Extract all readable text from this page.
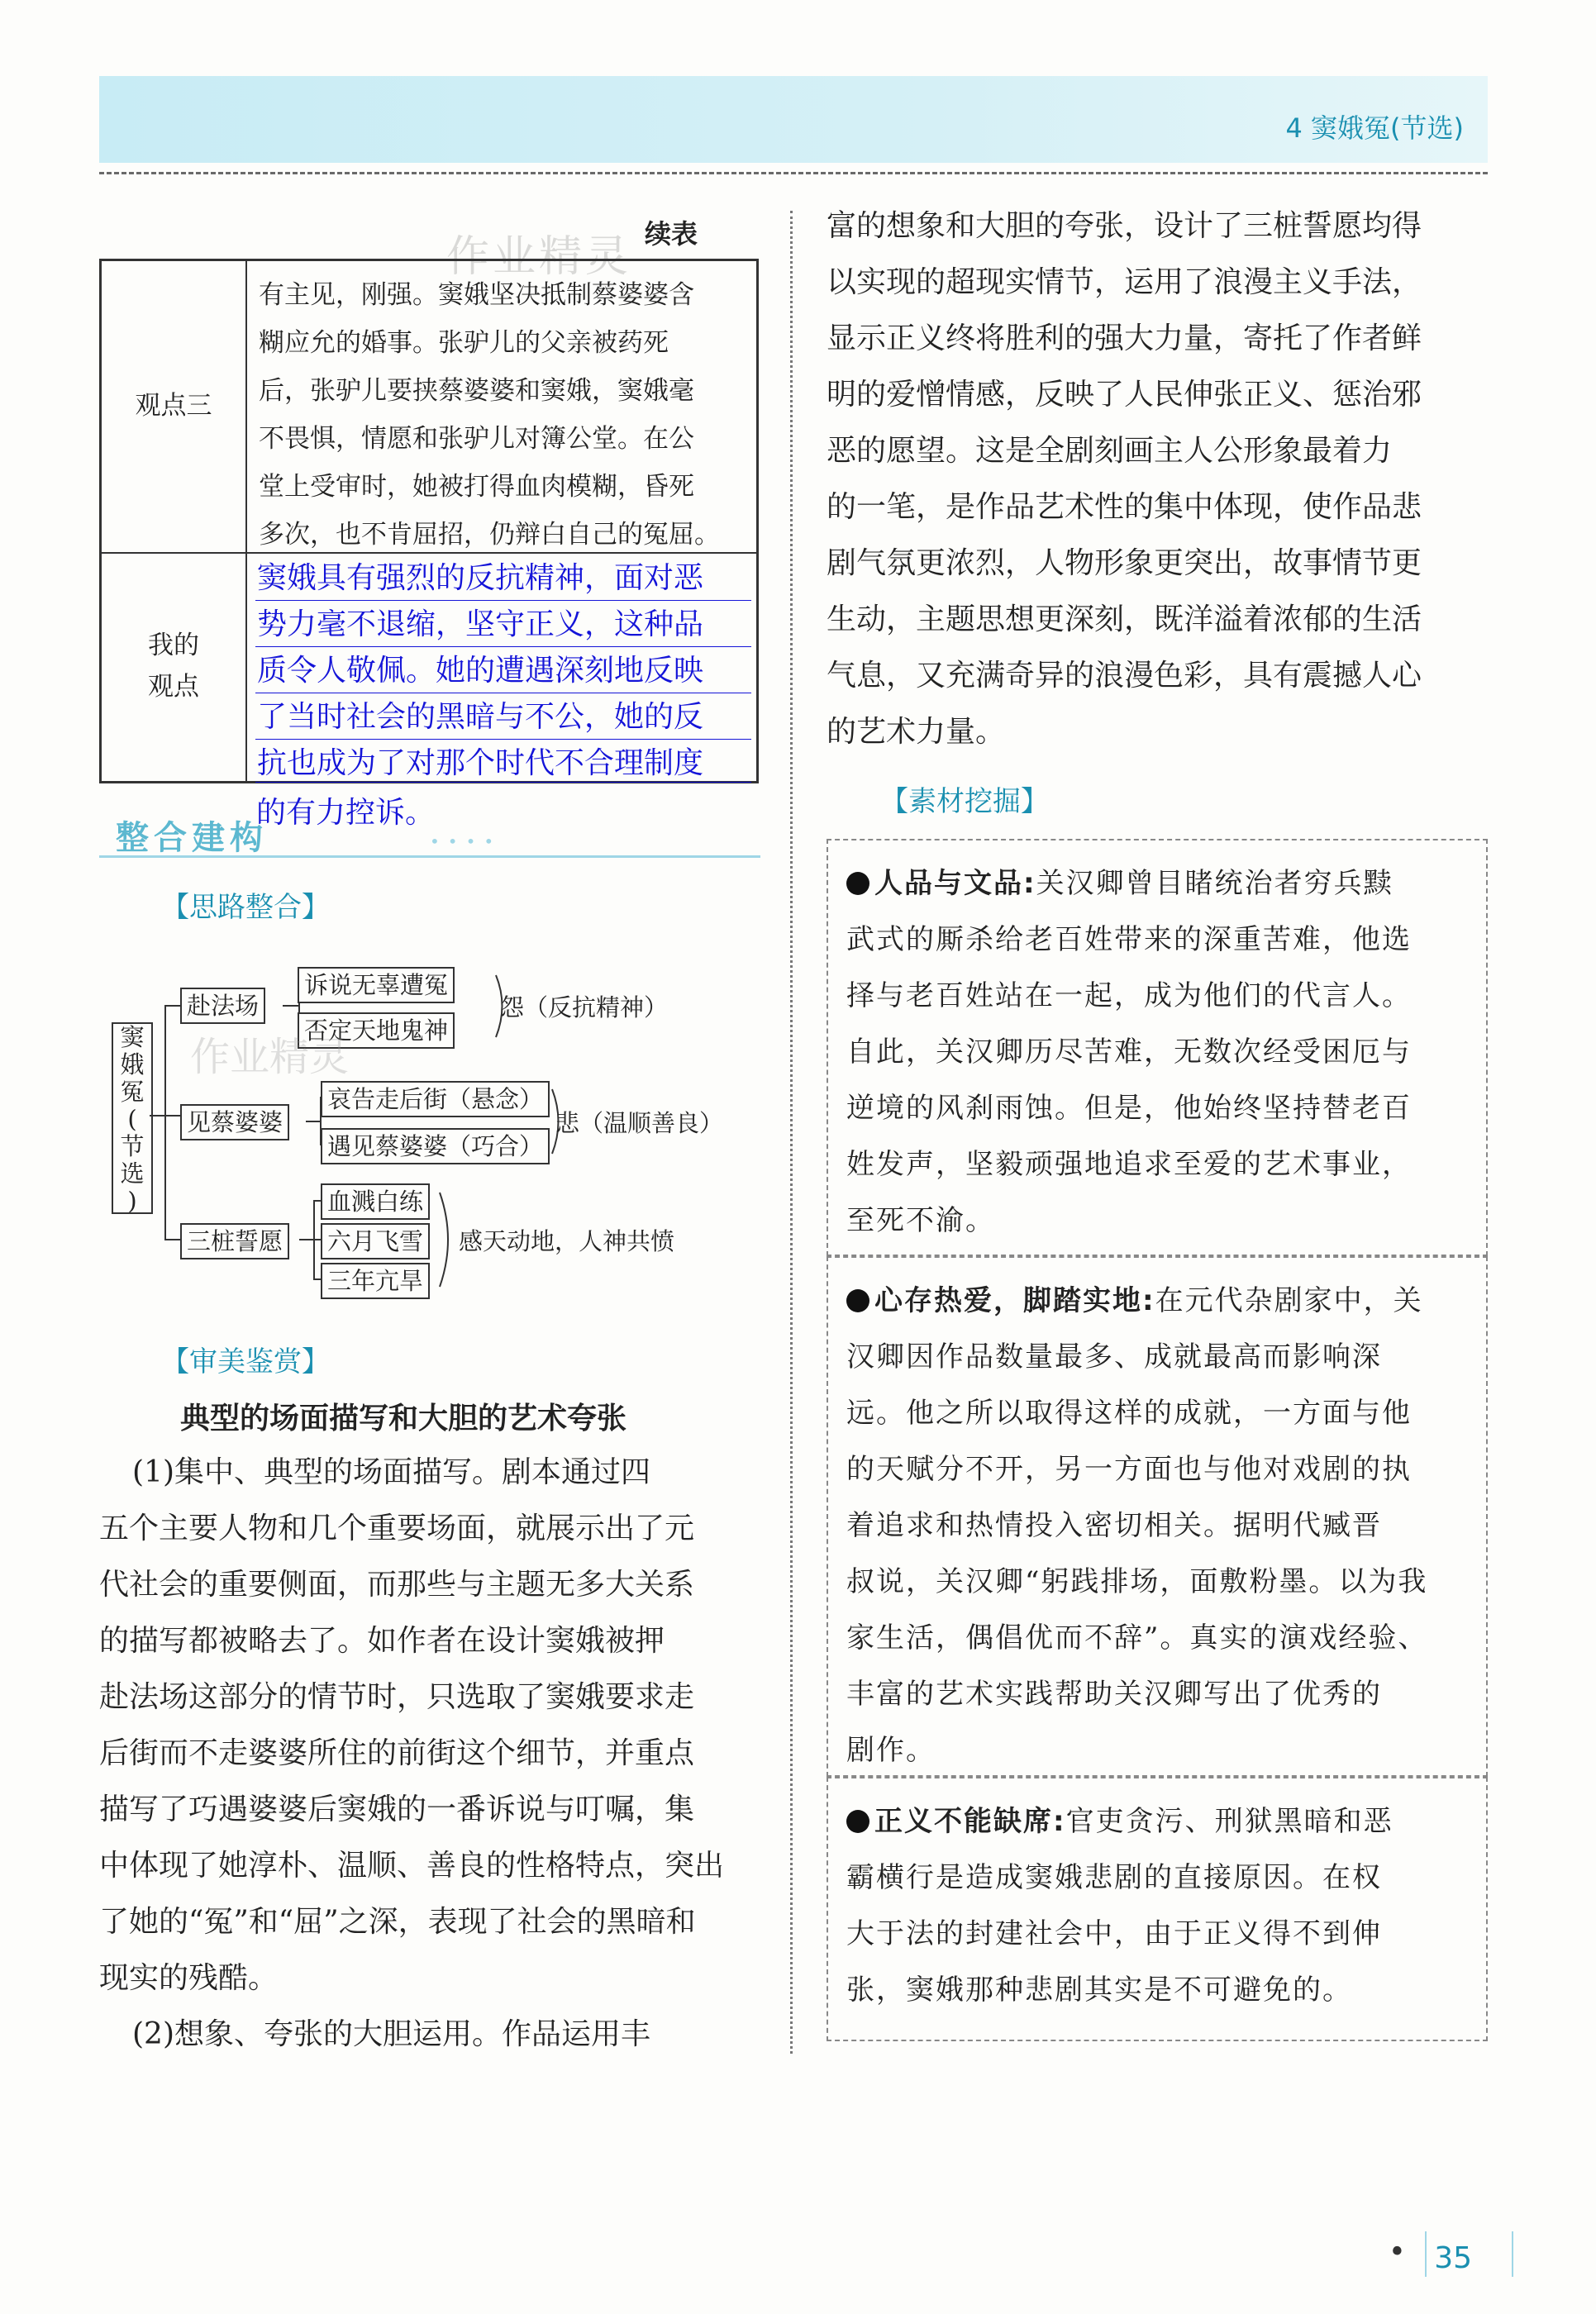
4 窦娥冤(节选)
作业精灵 续表
观点三
有主见，刚强。窦娥坚决抵制蔡婆婆含
糊应允的婚事。张驴儿的父亲被药死
后，张驴儿要挟蔡婆婆和窦娥，窦娥毫
不畏惧，情愿和张驴儿对簿公堂。在公
堂上受审时，她被打得血肉模糊，昏死
多次，也不肯屈招，仍辩白自己的冤屈。
我的
观点
窦娥具有强烈的反抗精神，面对恶
势力毫不退缩，坚守正义，这种品
质令人敬佩。她的遭遇深刻地反映
了当时社会的黑暗与不公，她的反
抗也成为了对那个时代不合理制度
的有力控诉。
整合建构	••••
【思路整合】
窦
娥
冤
(
节
选
)
赴法场
诉说无辜遭冤
否定天地鬼神
怨（反抗精神）
作业精灵
见蔡婆婆
哀告走后街（悬念）
遇见蔡婆婆（巧合）
悲（温顺善良）
三桩誓愿
血溅白练
六月飞雪
三年亢旱
感天动地，人神共愤
【审美鉴赏】
典型的场面描写和大胆的艺术夸张
(1)集中、典型的场面描写。剧本通过四
五个主要人物和几个重要场面，就展示出了元
代社会的重要侧面，而那些与主题无多大关系
的描写都被略去了。如作者在设计窦娥被押
赴法场这部分的情节时，只选取了窦娥要求走
后街而不走婆婆所住的前街这个细节，并重点
描写了巧遇婆婆后窦娥的一番诉说与叮嘱，集
中体现了她淳朴、温顺、善良的性格特点，突出
了她的“冤”和“屈”之深，表现了社会的黑暗和
现实的残酷。
(2)想象、夸张的大胆运用。作品运用丰
富的想象和大胆的夸张，设计了三桩誓愿均得
以实现的超现实情节，运用了浪漫主义手法，
显示正义终将胜利的强大力量，寄托了作者鲜
明的爱憎情感，反映了人民伸张正义、惩治邪
恶的愿望。这是全剧刻画主人公形象最着力
的一笔，是作品艺术性的集中体现，使作品悲
剧气氛更浓烈，人物形象更突出，故事情节更
生动，主题思想更深刻，既洋溢着浓郁的生活
气息，又充满奇异的浪漫色彩，具有震撼人心
的艺术力量。
【素材挖掘】
人品与文品:关汉卿曾目睹统治者穷兵黩
武式的厮杀给老百姓带来的深重苦难，他选
择与老百姓站在一起，成为他们的代言人。
自此，关汉卿历尽苦难，无数次经受困厄与
逆境的风刹雨蚀。但是，他始终坚持替老百
姓发声，坚毅顽强地追求至爱的艺术事业，
至死不渝。
心存热爱，脚踏实地:在元代杂剧家中，关
汉卿因作品数量最多、成就最高而影响深
远。他之所以取得这样的成就，一方面与他
的天赋分不开，另一方面也与他对戏剧的执
着追求和热情投入密切相关。据明代臧晋
叔说，关汉卿“躬践排场，面敷粉墨。以为我
家生活，偶倡优而不辞”。真实的演戏经验、
丰富的艺术实践帮助关汉卿写出了优秀的
剧作。
正义不能缺席:官吏贪污、刑狱黑暗和恶
霸横行是造成窦娥悲剧的直接原因。在权
大于法的封建社会中，由于正义得不到伸
张，窦娥那种悲剧其实是不可避免的。
• 35
